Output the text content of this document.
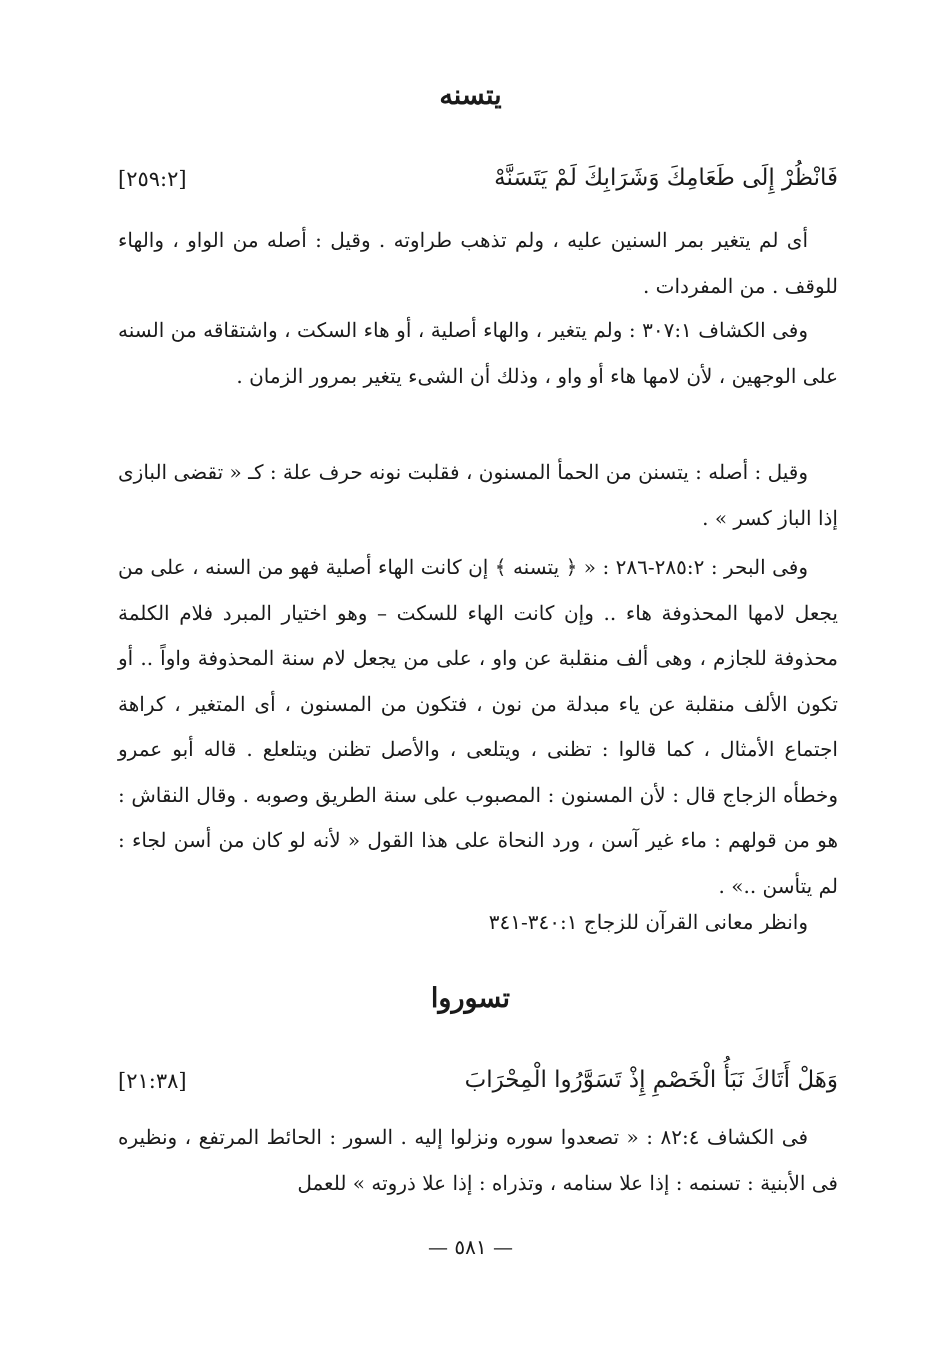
يتسنه
فَانْظُرْ إِلَى طَعَامِكَ وَشَرَابِكَ لَمْ يَتَسَنَّهْ
[٢٥٩:٢]

أى لم يتغير بمر السنين عليه ، ولم تذهب طراوته . وقيل : أصله من الواو ، والهاء للوقف . من المفردات .

وفى الكشاف ٣٠٧:١ : ولم يتغير ، والهاء أصلية ، أو هاء السكت ، واشتقاقه من السنه على الوجهين ، لأن لامها هاء أو واو ، وذلك أن الشىء يتغير بمرور الزمان .

وقيل : أصله : يتسنن من الحمأ المسنون ، فقلبت نونه حرف علة : كـ « تقضى البازى إذا الباز كسر » .

وفى البحر : ٢٨٥:٢-٢٨٦ : « ﴿ يتسنه ﴾ إن كانت الهاء أصلية فهو من السنه ، على من يجعل لامها المحذوفة هاء .. وإن كانت الهاء للسكت – وهو اختيار المبرد فلام الكلمة محذوفة للجازم ، وهى ألف منقلبة عن واو ، على من يجعل لام سنة المحذوفة واواً .. أو تكون الألف منقلبة عن ياء مبدلة من نون ، فتكون من المسنون ، أى المتغير ، كراهة اجتماع الأمثال ، كما قالوا : تظنى ، ويتلعى ، والأصل تظنن ويتلعلع . قاله أبو عمرو وخطأه الزجاج قال : لأن المسنون : المصبوب على سنة الطريق وصوبه . وقال النقاش : هو من قولهم : ماء غير آسن ، ورد النحاة على هذا القول « لأنه لو كان من أسن لجاء : لم يتأسن ..» .

وانظر معانى القرآن للزجاج ٣٤٠:١-٣٤١

تسوروا
وَهَلْ أَتَاكَ نَبَأُ الْخَصْمِ إِذْ تَسَوَّرُوا الْمِحْرَابَ
[٢١:٣٨]

فى الكشاف ٨٢:٤ : « تصعدوا سوره ونزلوا إليه . السور : الحائط المرتفع ، ونظيره فى الأبنية : تسنمه : إذا علا سنامه ، وتذراه : إذا علا ذروته » للعمل

— ٥٨١ —
